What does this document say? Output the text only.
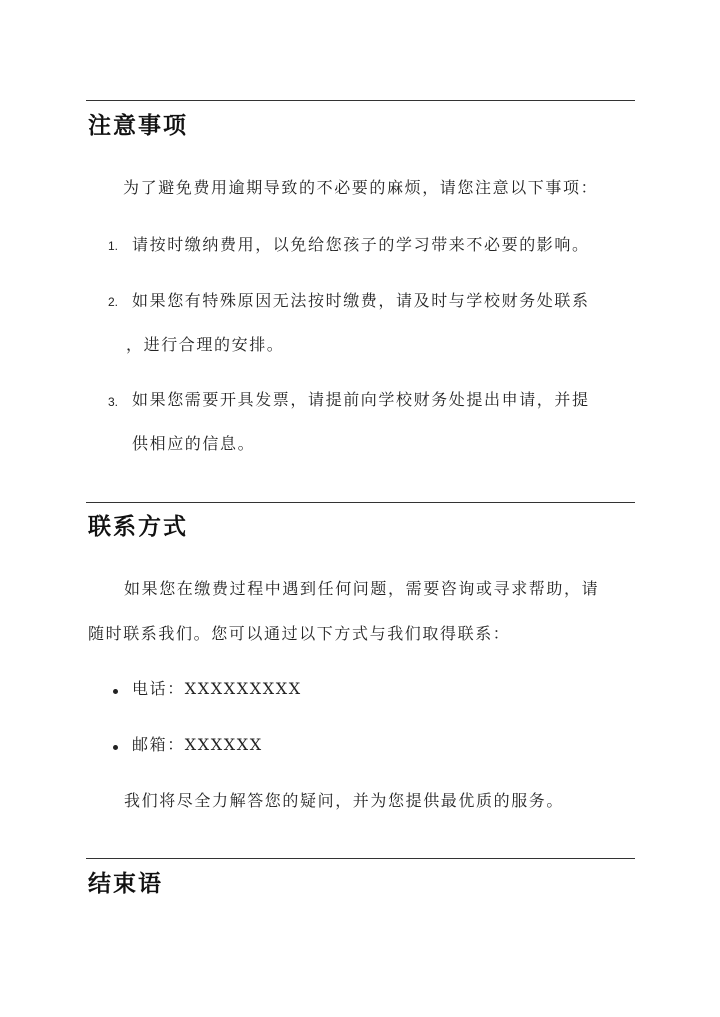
注意事项
为了避免费用逾期导致的不必要的麻烦，请您注意以下事项：
1. 请按时缴纳费用，以免给您孩子的学习带来不必要的影响。
2. 如果您有特殊原因无法按时缴费，请及时与学校财务处联系
，进行合理的安排。
3. 如果您需要开具发票，请提前向学校财务处提出申请，并提
供相应的信息。
联系方式
如果您在缴费过程中遇到任何问题，需要咨询或寻求帮助，请
随时联系我们。您可以通过以下方式与我们取得联系：
电话：XXXXXXXXX
邮箱：XXXXXX
我们将尽全力解答您的疑问，并为您提供最优质的服务。
结束语
